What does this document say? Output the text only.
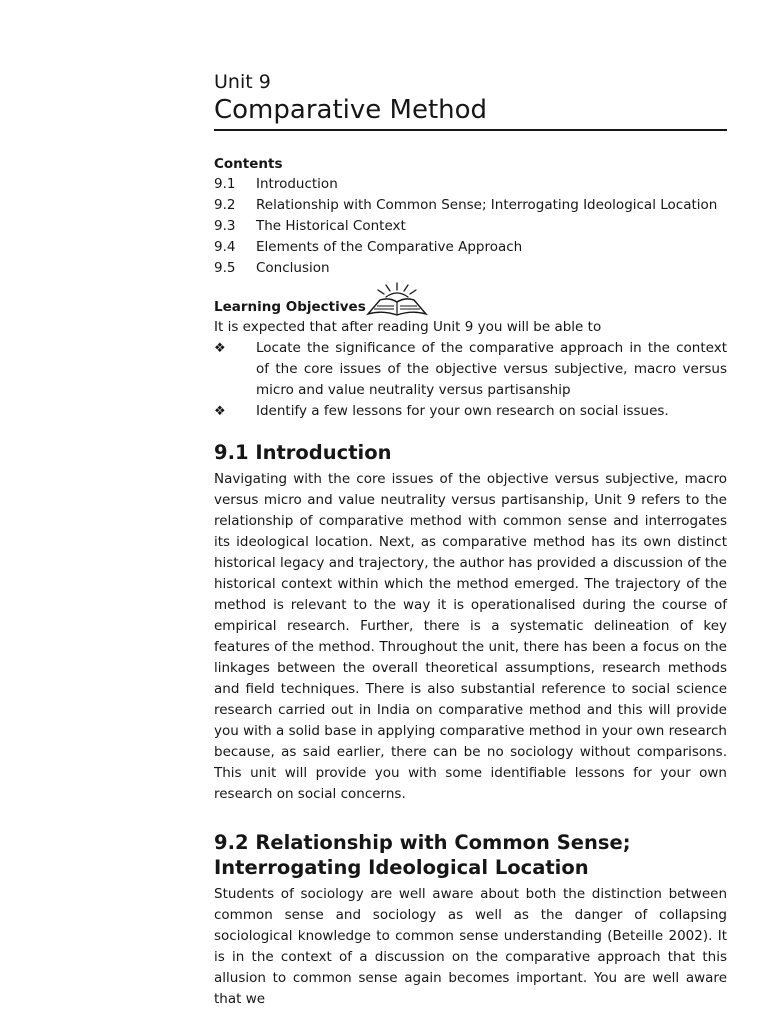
Unit 9
Comparative Method
Contents
9.1	Introduction
9.2	Relationship with Common Sense; Interrogating Ideological Location
9.3	The Historical Context
9.4	Elements of the Comparative Approach
9.5	Conclusion
Learning Objectives

It is expected that after reading Unit 9 you will be able to

❖	Locate the significance of the comparative approach in the context of the core issues of the objective versus subjective, macro versus micro and value neutrality versus partisanship
❖	Identify a few lessons for your own research on social issues.
9.1 Introduction

Navigating with the core issues of the objective versus subjective, macro versus micro and value neutrality versus partisanship, Unit 9 refers to the relationship of comparative method with common sense and interrogates its ideological location. Next, as comparative method has its own distinct historical legacy and trajectory, the author has provided a discussion of the historical context within which the method emerged. The trajectory of the method is relevant to the way it is operationalised during the course of empirical research. Further, there is a systematic delineation of key features of the method. Throughout the unit, there has been a focus on the linkages between the overall theoretical assumptions, research methods and field techniques. There is also substantial reference to social science research carried out in India on comparative method and this will provide you with a solid base in applying comparative method in your own research because, as said earlier, there can be no sociology without comparisons. This unit will provide you with some identifiable lessons for your own research on social concerns.

9.2 Relationship with Common Sense;
Interrogating Ideological Location

Students of sociology are well aware about both the distinction between common sense and sociology as well as the danger of collapsing sociological knowledge to common sense understanding (Beteille 2002). It is in the context of a discussion on the comparative approach that this allusion to common sense again becomes important. You are well aware that we
